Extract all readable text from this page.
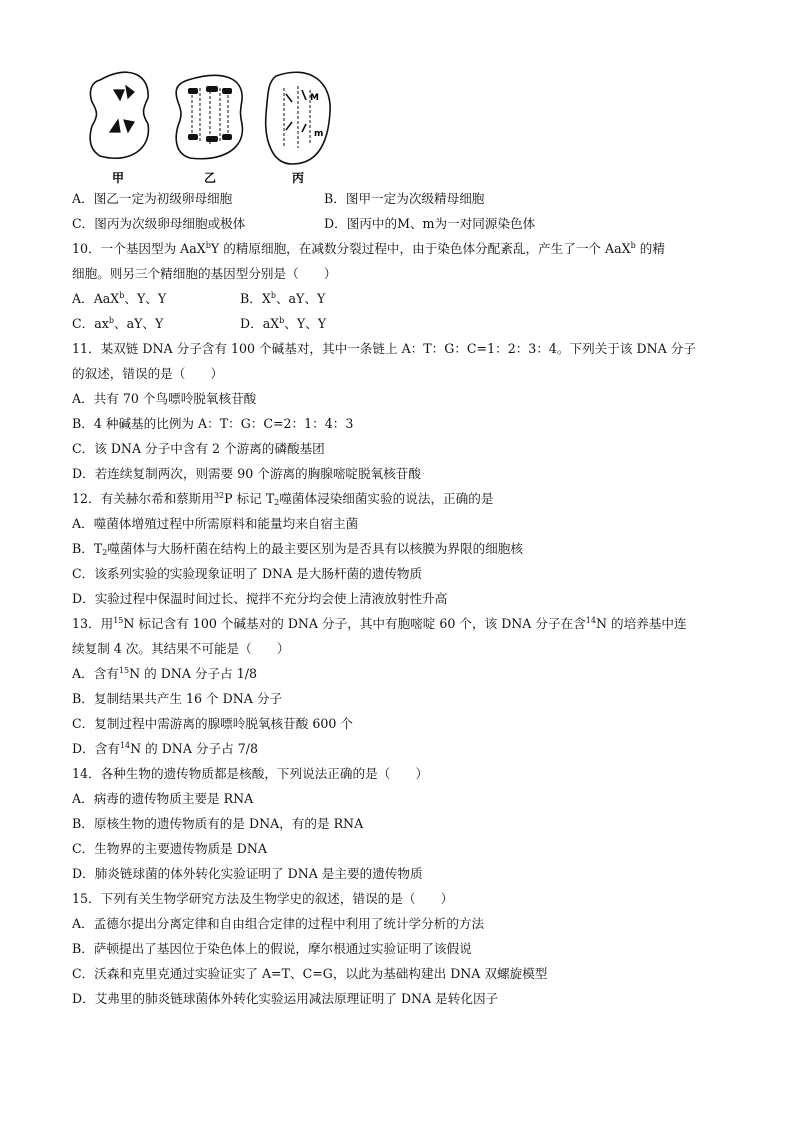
M
m
甲	乙	丙
A．图乙一定为初级卵母细胞	B．图甲一定为次级精母细胞
C．图丙为次级卵母细胞或极体	D．图丙中的M、m为一对同源染色体
10．一个基因型为 AaX$^b$Y 的精原细胞，在减数分裂过程中，由于染色体分配紊乱，产生了一个 AaX$^b$ 的精
细胞。则另三个精细胞的基因型分别是（　　）
A．AaX$^b$、Y、Y	B．$X^b$、aY、Y
C．$ax^b$、aY、Y	D．$aX^b$、Y、Y
11．某双链 DNA 分子含有 100 个碱基对，其中一条链上 A：T：G：C=1：2：3：4。下列关于该 DNA 分子
的叙述，错误的是（　　）
A．共有 70 个鸟嘌呤脱氧核苷酸
B．4 种碱基的比例为 A：T：G：C=2：1：4：3
C．该 DNA 分子中含有 2 个游离的磷酸基团
D．若连续复制两次，则需要 90 个游离的胸腺嘧啶脱氧核苷酸
12．有关赫尔希和蔡斯用$^{32}$P 标记 $T_2$噬菌体浸染细菌实验的说法，正确的是
A．噬菌体增殖过程中所需原料和能量均来自宿主菌
B．$T_2$噬菌体与大肠杆菌在结构上的最主要区别为是否具有以核膜为界限的细胞核
C．该系列实验的实验现象证明了 DNA 是大肠杆菌的遗传物质
D．实验过程中保温时间过长、搅拌不充分均会使上清液放射性升高
13．用$^{15}$N 标记含有 100 个碱基对的 DNA 分子，其中有胞嘧啶 60 个，该 DNA 分子在含$^{14}$N 的培养基中连
续复制 4 次。其结果不可能是（　　）
A．含有$^{15}$N 的 DNA 分子占 1/8
B．复制结果共产生 16 个 DNA 分子
C．复制过程中需游离的腺嘌呤脱氧核苷酸 600 个
D．含有$^{14}$N 的 DNA 分子占 7/8
14．各种生物的遗传物质都是核酸，下列说法正确的是（　　）
A．病毒的遗传物质主要是 RNA
B．原核生物的遗传物质有的是 DNA，有的是 RNA
C．生物界的主要遗传物质是 DNA
D．肺炎链球菌的体外转化实验证明了 DNA 是主要的遗传物质
15．下列有关生物学研究方法及生物学史的叙述，错误的是（　　）
A．孟德尔提出分离定律和自由组合定律的过程中利用了统计学分析的方法
B．萨顿提出了基因位于染色体上的假说，摩尔根通过实验证明了该假说
C．沃森和克里克通过实验证实了 A=T、C=G，以此为基础构建出 DNA 双螺旋模型
D．艾弗里的肺炎链球菌体外转化实验运用减法原理证明了 DNA 是转化因子
